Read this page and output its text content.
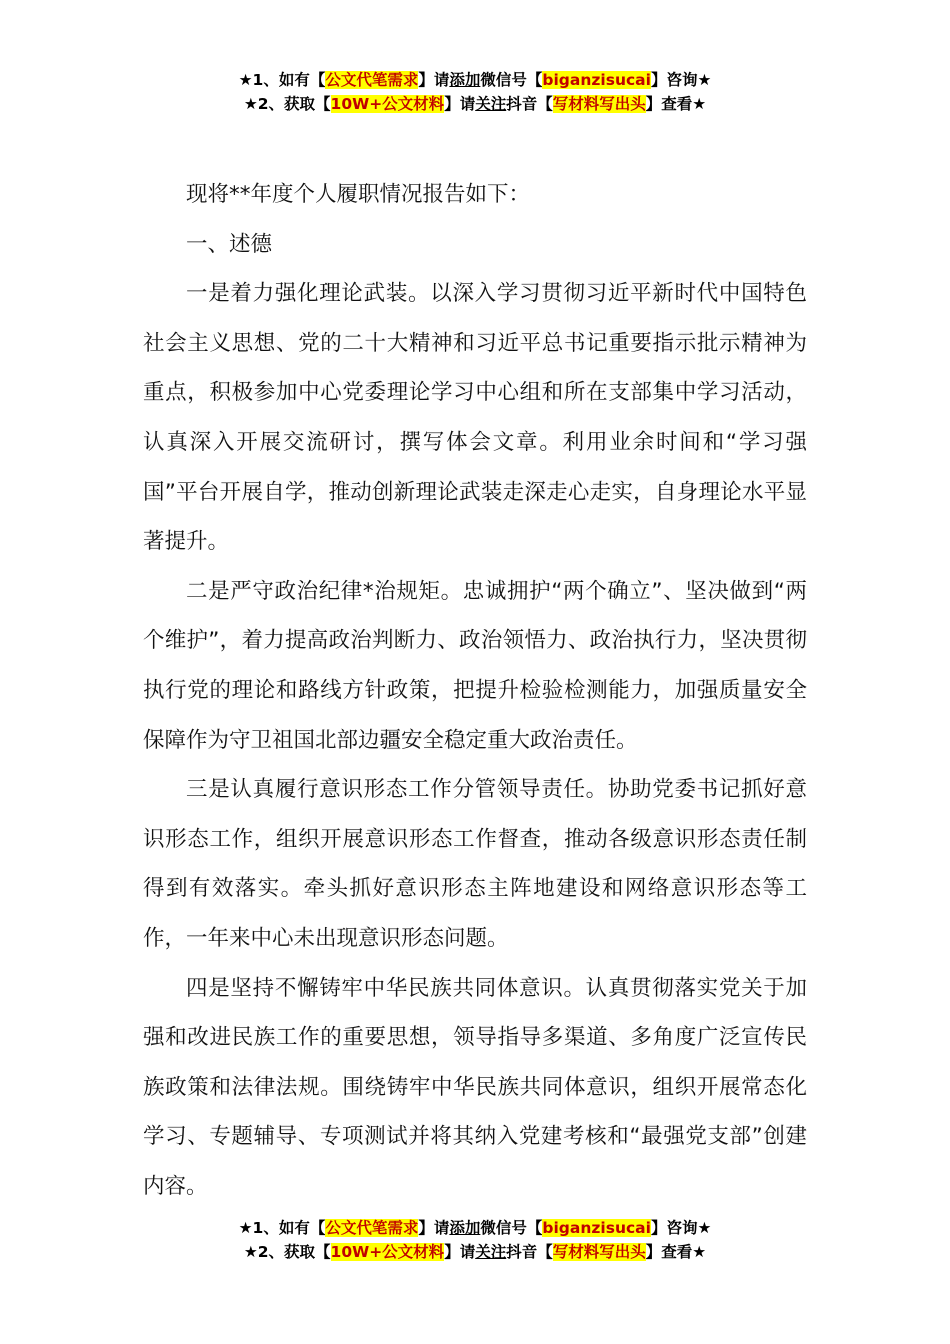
★1、如有【公文代笔需求】请添加微信号【biganzisucai】咨询★
★2、获取【10W+公文材料】请关注抖音【写材料写出头】查看★

现将**年度个人履职情况报告如下：

一、述德

一是着力强化理论武装。以深入学习贯彻习近平新时代中国特色社会主义思想、党的二十大精神和习近平总书记重要指示批示精神为重点，积极参加中心党委理论学习中心组和所在支部集中学习活动，认真深入开展交流研讨，撰写体会文章。利用业余时间和“学习强国”平台开展自学，推动创新理论武装走深走心走实，自身理论水平显著提升。

二是严守政治纪律*治规矩。忠诚拥护“两个确立”、坚决做到“两个维护”，着力提高政治判断力、政治领悟力、政治执行力，坚决贯彻执行党的理论和路线方针政策，把提升检验检测能力，加强质量安全保障作为守卫祖国北部边疆安全稳定重大政治责任。

三是认真履行意识形态工作分管领导责任。协助党委书记抓好意识形态工作，组织开展意识形态工作督查，推动各级意识形态责任制得到有效落实。牵头抓好意识形态主阵地建设和网络意识形态等工作，一年来中心未出现意识形态问题。

四是坚持不懈铸牢中华民族共同体意识。认真贯彻落实党关于加强和改进民族工作的重要思想，领导指导多渠道、多角度广泛宣传民族政策和法律法规。围绕铸牢中华民族共同体意识，组织开展常态化学习、专题辅导、专项测试并将其纳入党建考核和“最强党支部”创建内容。

★1、如有【公文代笔需求】请添加微信号【biganzisucai】咨询★
★2、获取【10W+公文材料】请关注抖音【写材料写出头】查看★
